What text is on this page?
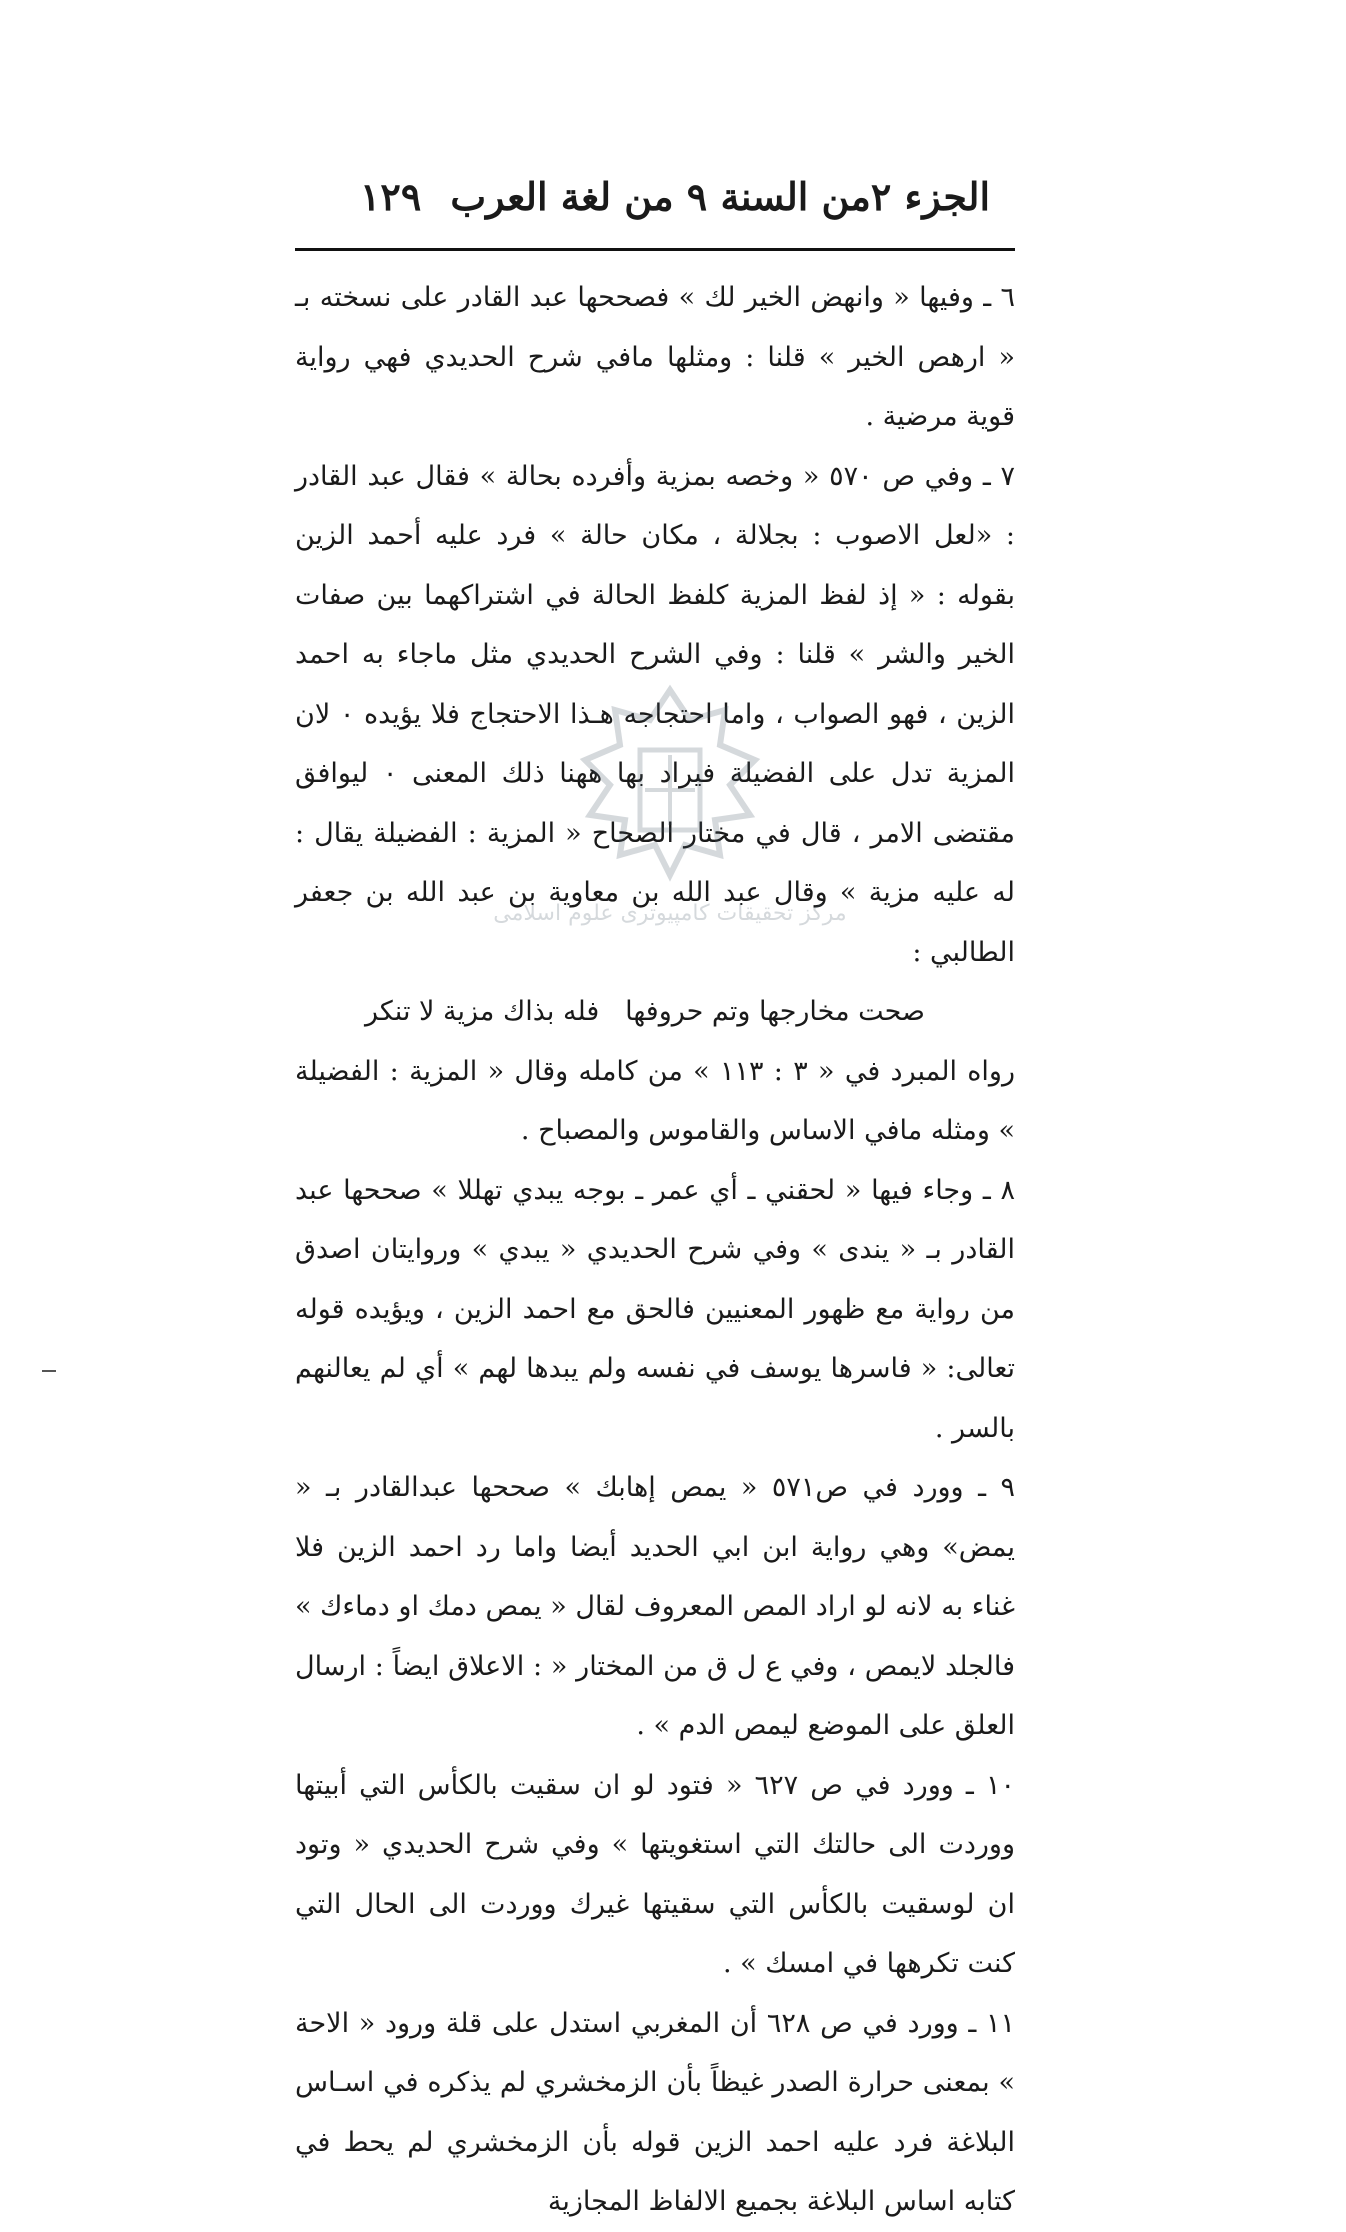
الجزء ٢من السنة ٩ من لغة العرب
١٢٩

٦ ـ وفيها « وانهض الخير لك » فصححها عبد القادر على نسخته بـ « ارهص الخير » قلنا : ومثلها مافي شرح الحديدي فهي رواية قوية مرضية .

٧ ـ وفي ص ٥٧٠ « وخصه بمزية وأفرده بحالة » فقال عبد القادر : «لعل الاصوب : بجلالة ، مكان حالة » فرد عليه أحمد الزين بقوله : « إذ لفظ المزية كلفظ الحالة في اشتراكهما بين صفات الخير والشر » قلنا : وفي الشرح الحديدي مثل ماجاء به احمد الزين ، فهو الصواب ، واما احتجاجه هـذا الاحتجاج فلا يؤيده ٠ لان المزية تدل على الفضيلة فيراد بها ههنا ذلك المعنى ٠ ليوافق مقتضى الامر ، قال في مختار الصحاح « المزية : الفضيلة يقال : له عليه مزية » وقال عبد الله بن معاوية بن عبد الله بن جعفر الطالبي :

صحت مخارجها وتم حروفها
فله بذاك مزية لا تنكر

رواه المبرد في « ٣ : ١١٣ » من كامله وقال « المزية : الفضيلة » ومثله مافي الاساس والقاموس والمصباح .

٨ ـ وجاء فيها « لحقني ـ أي عمر ـ بوجه يبدي تهللا » صححها عبد القادر بـ « يندى » وفي شرح الحديدي « يبدي » وروايتان اصدق من رواية مع ظهور المعنيين فالحق مع احمد الزين ، ويؤيده قوله تعالى: « فاسرها يوسف في نفسه ولم يبدها لهم » أي لم يعالنهم بالسر .

٩ ـ وورد في ص٥٧١ « يمص إهابك » صححها عبدالقادر بـ « يمض» وهي رواية ابن ابي الحديد أيضا واما رد احمد الزين فلا غناء به لانه لو اراد المص المعروف لقال « يمص دمك او دماءك » فالجلد لايمص ، وفي ع ل ق من المختار « : الاعلاق ايضاً : ارسال العلق على الموضع ليمص الدم » .

١٠ ـ وورد في ص ٦٢٧ « فتود لو ان سقيت بالكأس التي أبيتها ووردت الى حالتك التي استغويتها » وفي شرح الحديدي « وتود ان لوسقيت بالكأس التي سقيتها غيرك ووردت الى الحال التي كنت تكرهها في امسك » .

١١ ـ وورد في ص ٦٢٨ أن المغربي استدل على قلة ورود « الاحة » بمعنى حرارة الصدر غيظاً بأن الزمخشري لم يذكره في اسـاس البلاغة فرد عليه احمد الزين قوله بأن الزمخشري لم يحط في كتابه اساس البلاغة بجميع الالفاظ المجازية

مركز تحقيقات كامپيوتری علوم اسلامی
